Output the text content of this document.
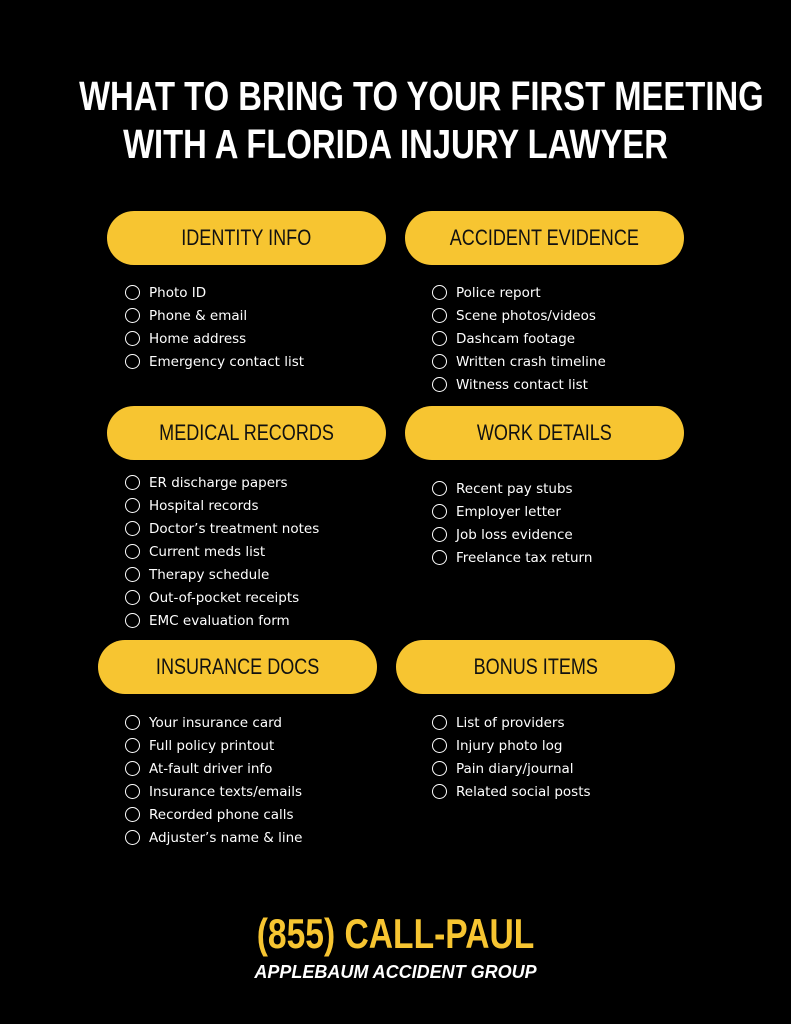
WHAT TO BRING TO YOUR FIRST MEETING
WITH A FLORIDA INJURY LAWYER
IDENTITY INFO
Photo ID
Phone & email
Home address
Emergency contact list
ACCIDENT EVIDENCE
Police report
Scene photos/videos
Dashcam footage
Written crash timeline
Witness contact list
MEDICAL RECORDS
ER discharge papers
Hospital records
Doctor’s treatment notes
Current meds list
Therapy schedule
Out-of-pocket receipts
EMC evaluation form
WORK DETAILS
Recent pay stubs
Employer letter
Job loss evidence
Freelance tax return
INSURANCE DOCS
Your insurance card
Full policy printout
At-fault driver info
Insurance texts/emails
Recorded phone calls
Adjuster’s name & line
BONUS ITEMS
List of providers
Injury photo log
Pain diary/journal
Related social posts
(855) CALL-PAUL
APPLEBAUM ACCIDENT GROUP
